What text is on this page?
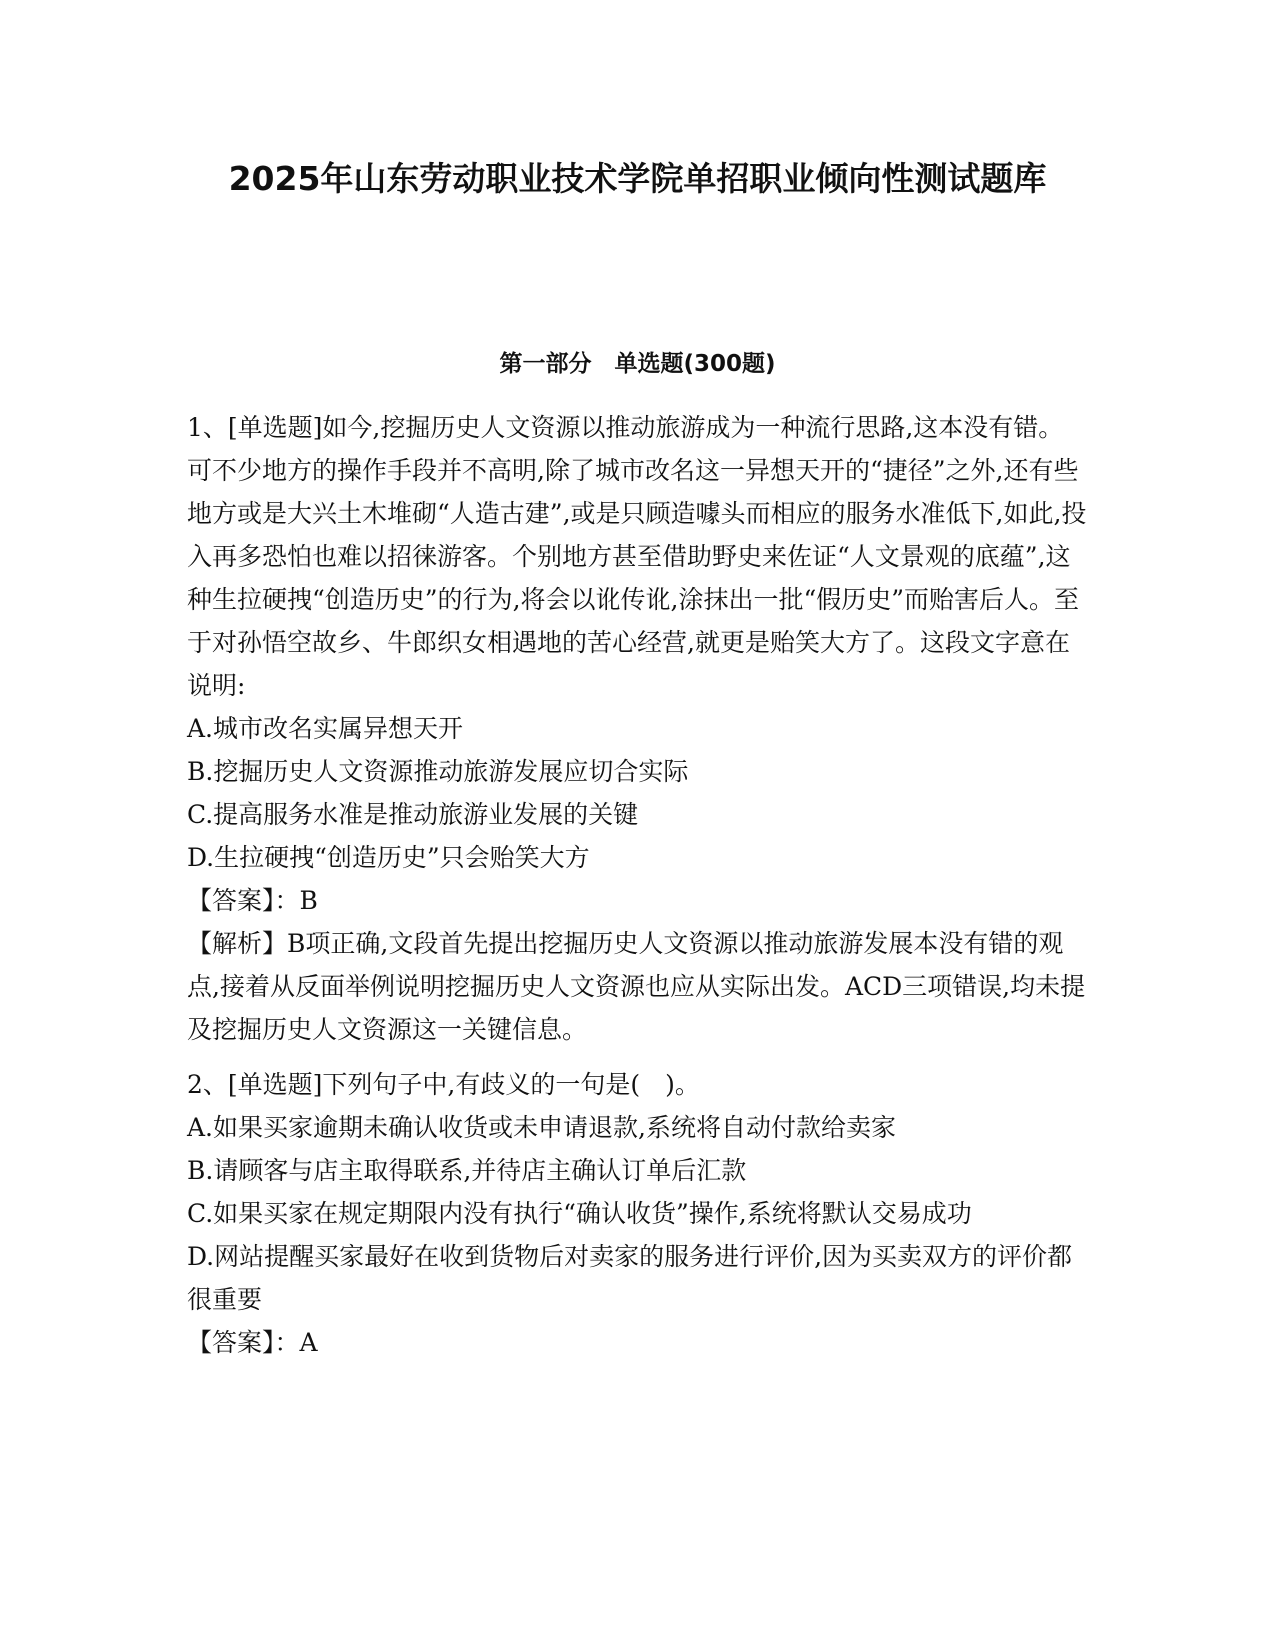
2025年山东劳动职业技术学院单招职业倾向性测试题库
第一部分　单选题(300题)

1、[单选题]如今,挖掘历史人文资源以推动旅游成为一种流行思路,这本没有错。可不少地方的操作手段并不高明,除了城市改名这一异想天开的“捷径”之外,还有些地方或是大兴土木堆砌“人造古建”,或是只顾造噱头而相应的服务水准低下,如此,投入再多恐怕也难以招徕游客。个别地方甚至借助野史来佐证“人文景观的底蕴”,这种生拉硬拽“创造历史”的行为,将会以讹传讹,涂抹出一批“假历史”而贻害后人。至于对孙悟空故乡、牛郎织女相遇地的苦心经营,就更是贻笑大方了。这段文字意在说明:

A.城市改名实属异想天开

B.挖掘历史人文资源推动旅游发展应切合实际

C.提高服务水准是推动旅游业发展的关键

D.生拉硬拽“创造历史”只会贻笑大方

【答案】：B

【解析】B项正确,文段首先提出挖掘历史人文资源以推动旅游发展本没有错的观点,接着从反面举例说明挖掘历史人文资源也应从实际出发。ACD三项错误,均未提及挖掘历史人文资源这一关键信息。

2、[单选题]下列句子中,有歧义的一句是(　)。

A.如果买家逾期未确认收货或未申请退款,系统将自动付款给卖家

B.请顾客与店主取得联系,并待店主确认订单后汇款

C.如果买家在规定期限内没有执行“确认收货”操作,系统将默认交易成功

D.网站提醒买家最好在收到货物后对卖家的服务进行评价,因为买卖双方的评价都很重要

【答案】：A
